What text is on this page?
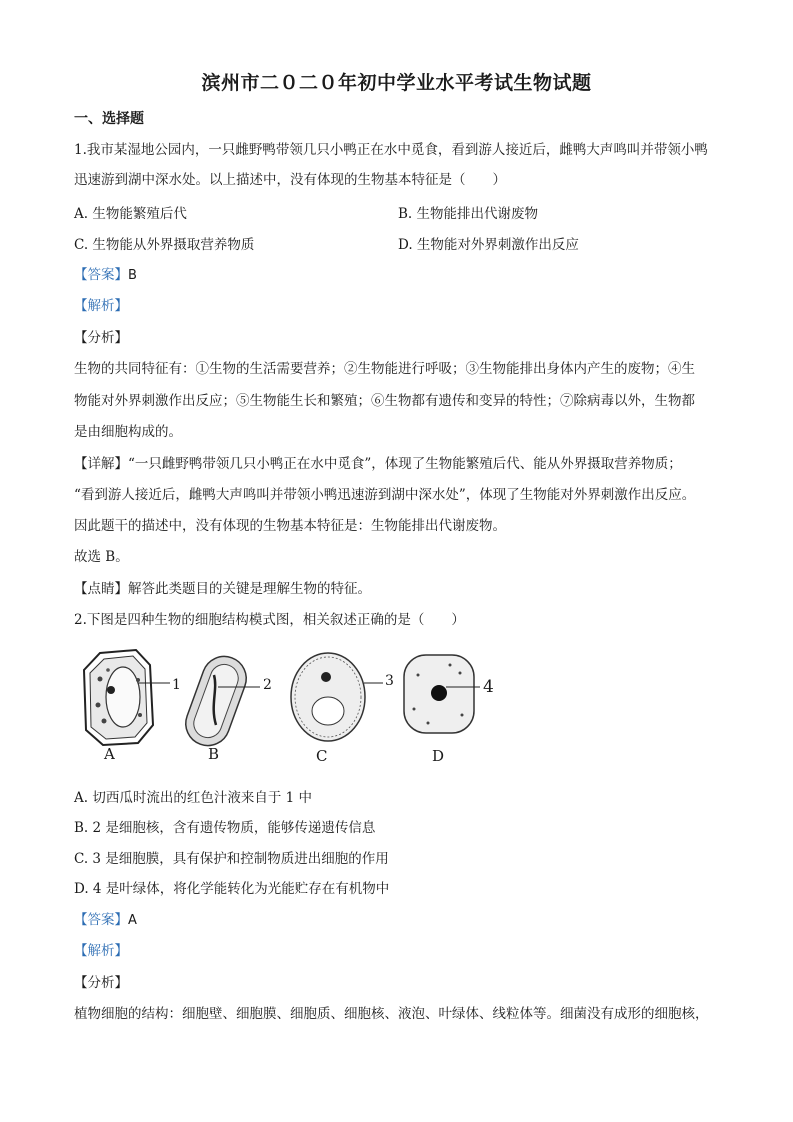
滨州市二０二０年初中学业水平考试生物试题
一、选择题
1.我市某湿地公园内，一只雌野鸭带领几只小鸭正在水中觅食，看到游人接近后，雌鸭大声鸣叫并带领小鸭
迅速游到湖中深水处。以上描述中，没有体现的生物基本特征是（　　）
A. 生物能繁殖后代	B. 生物能排出代谢废物
C. 生物能从外界摄取营养物质	D. 生物能对外界刺激作出反应
【答案】B
【解析】
【分析】
生物的共同特征有：①生物的生活需要营养；②生物能进行呼吸；③生物能排出身体内产生的废物；④生
物能对外界刺激作出反应；⑤生物能生长和繁殖；⑥生物都有遗传和变异的特性；⑦除病毒以外，生物都
是由细胞构成的。
【详解】“一只雌野鸭带领几只小鸭正在水中觅食”，体现了生物能繁殖后代、能从外界摄取营养物质；
“看到游人接近后，雌鸭大声鸣叫并带领小鸭迅速游到湖中深水处”，体现了生物能对外界刺激作出反应。
因此题干的描述中，没有体现的生物基本特征是：生物能排出代谢废物。
故选 B。
【点睛】解答此类题目的关键是理解生物的特征。
2.下图是四种生物的细胞结构模式图，相关叙述正确的是（　　）
1	2	3	4
A	B	C	D
A. 切西瓜时流出的红色汁液来自于 1 中
B. 2 是细胞核，含有遗传物质，能够传递遗传信息
C. 3 是细胞膜，具有保护和控制物质进出细胞的作用
D. 4 是叶绿体，将化学能转化为光能贮存在有机物中
【答案】A
【解析】
【分析】
植物细胞的结构：细胞壁、细胞膜、细胞质、细胞核、液泡、叶绿体、线粒体等。细菌没有成形的细胞核，
